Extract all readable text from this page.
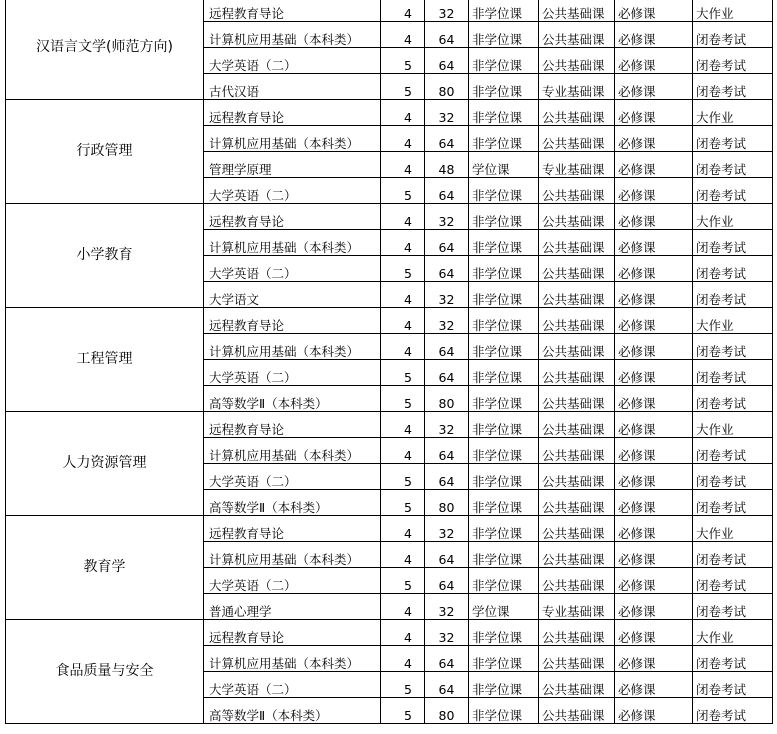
汉语言文学(师范方向)	远程教育导论	4	32	非学位课	公共基础课	必修课	大作业
	计算机应用基础（本科类）	4	64	非学位课	公共基础课	必修课	闭卷考试
	大学英语（二）	5	64	非学位课	公共基础课	必修课	闭卷考试
	古代汉语	5	80	非学位课	专业基础课	必修课	闭卷考试
行政管理	远程教育导论	4	32	非学位课	公共基础课	必修课	大作业
	计算机应用基础（本科类）	4	64	非学位课	公共基础课	必修课	闭卷考试
	管理学原理	4	48	学位课	专业基础课	必修课	闭卷考试
	大学英语（二）	5	64	非学位课	公共基础课	必修课	闭卷考试
小学教育	远程教育导论	4	32	非学位课	公共基础课	必修课	大作业
	计算机应用基础（本科类）	4	64	非学位课	公共基础课	必修课	闭卷考试
	大学英语（二）	5	64	非学位课	公共基础课	必修课	闭卷考试
	大学语文	4	32	非学位课	公共基础课	必修课	闭卷考试
工程管理	远程教育导论	4	32	非学位课	公共基础课	必修课	大作业
	计算机应用基础（本科类）	4	64	非学位课	公共基础课	必修课	闭卷考试
	大学英语（二）	5	64	非学位课	公共基础课	必修课	闭卷考试
	高等数学Ⅱ（本科类）	5	80	非学位课	公共基础课	必修课	闭卷考试
人力资源管理	远程教育导论	4	32	非学位课	公共基础课	必修课	大作业
	计算机应用基础（本科类）	4	64	非学位课	公共基础课	必修课	闭卷考试
	大学英语（二）	5	64	非学位课	公共基础课	必修课	闭卷考试
	高等数学Ⅱ（本科类）	5	80	非学位课	公共基础课	必修课	闭卷考试
教育学	远程教育导论	4	32	非学位课	公共基础课	必修课	大作业
	计算机应用基础（本科类）	4	64	非学位课	公共基础课	必修课	闭卷考试
	大学英语（二）	5	64	非学位课	公共基础课	必修课	闭卷考试
	普通心理学	4	32	学位课	专业基础课	必修课	闭卷考试
食品质量与安全	远程教育导论	4	32	非学位课	公共基础课	必修课	大作业
	计算机应用基础（本科类）	4	64	非学位课	公共基础课	必修课	闭卷考试
	大学英语（二）	5	64	非学位课	公共基础课	必修课	闭卷考试
	高等数学Ⅱ（本科类）	5	80	非学位课	公共基础课	必修课	闭卷考试
